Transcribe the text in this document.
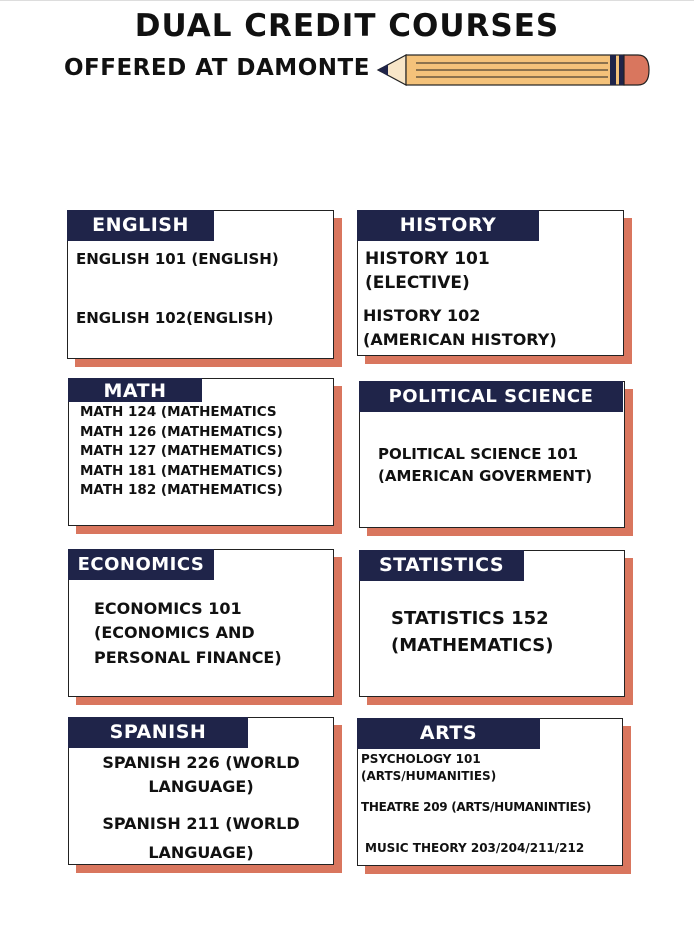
DUAL CREDIT COURSES
OFFERED AT DAMONTE
ENGLISH
ENGLISH 101 (ENGLISH)
ENGLISH 102(ENGLISH)
HISTORY
HISTORY 101
(ELECTIVE)
HISTORY 102
(AMERICAN HISTORY)
MATH
MATH 124 (MATHEMATICS
MATH 126 (MATHEMATICS)
MATH 127 (MATHEMATICS)
MATH 181 (MATHEMATICS)
MATH 182 (MATHEMATICS)
POLITICAL SCIENCE
POLITICAL SCIENCE 101
(AMERICAN GOVERMENT)
ECONOMICS
ECONOMICS 101
(ECONOMICS AND
PERSONAL FINANCE)
STATISTICS
STATISTICS 152
(MATHEMATICS)
SPANISH
SPANISH 226 (WORLD
LANGUAGE)
SPANISH 211 (WORLD
LANGUAGE)
ARTS
PSYCHOLOGY 101
(ARTS/HUMANITIES)
THEATRE 209 (ARTS/HUMANINTIES)
MUSIC THEORY 203/204/211/212
